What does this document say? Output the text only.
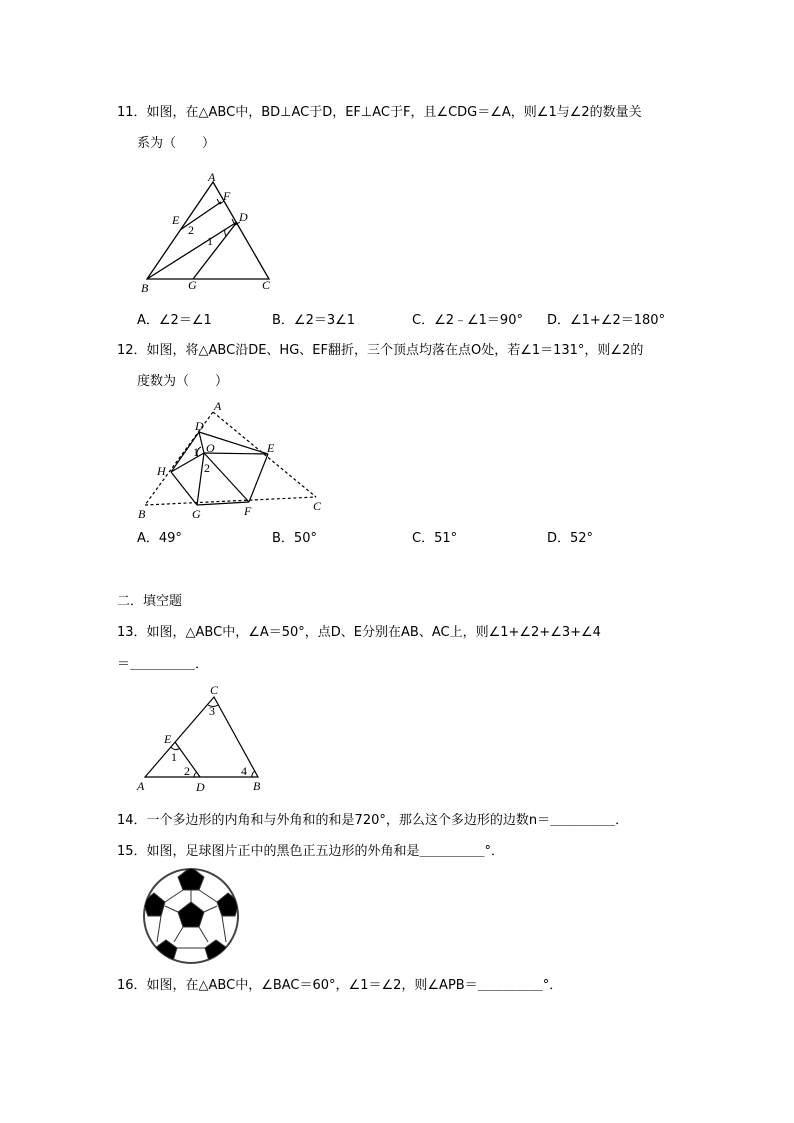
11．如图，在△ABC中，BD⊥AC于D，EF⊥AC于F，且∠CDG＝∠A，则∠1与∠2的数量关
系为（　　）
A
F
D
E
2
1
B	G	C
A．∠2＝∠1	B．∠2＝3∠1	C．∠2﹣∠1＝90° D．∠1+∠2＝180°
12．如图，将△ABC沿DE、HG、EF翻折，三个顶点均落在点O处，若∠1＝131°，则∠2的
度数为（　　）
A
D
O
1
2
E
H
B	G	F	C
A．49°	B．50°	C．51°	D．52°
二．填空题
13．如图，△ABC中，∠A＝50°，点D、E分别在AB、AC上，则∠1+∠2+∠3+∠4
＝＿＿＿＿＿．
C
3
E
1
2	4
A	D	B
14．一个多边形的内角和与外角和的和是720°，那么这个多边形的边数n＝＿＿＿＿＿．
15．如图，足球图片正中的黑色正五边形的外角和是＿＿＿＿＿°．
16．如图，在△ABC中，∠BAC＝60°，∠1＝∠2，则∠APB＝＿＿＿＿＿°．
